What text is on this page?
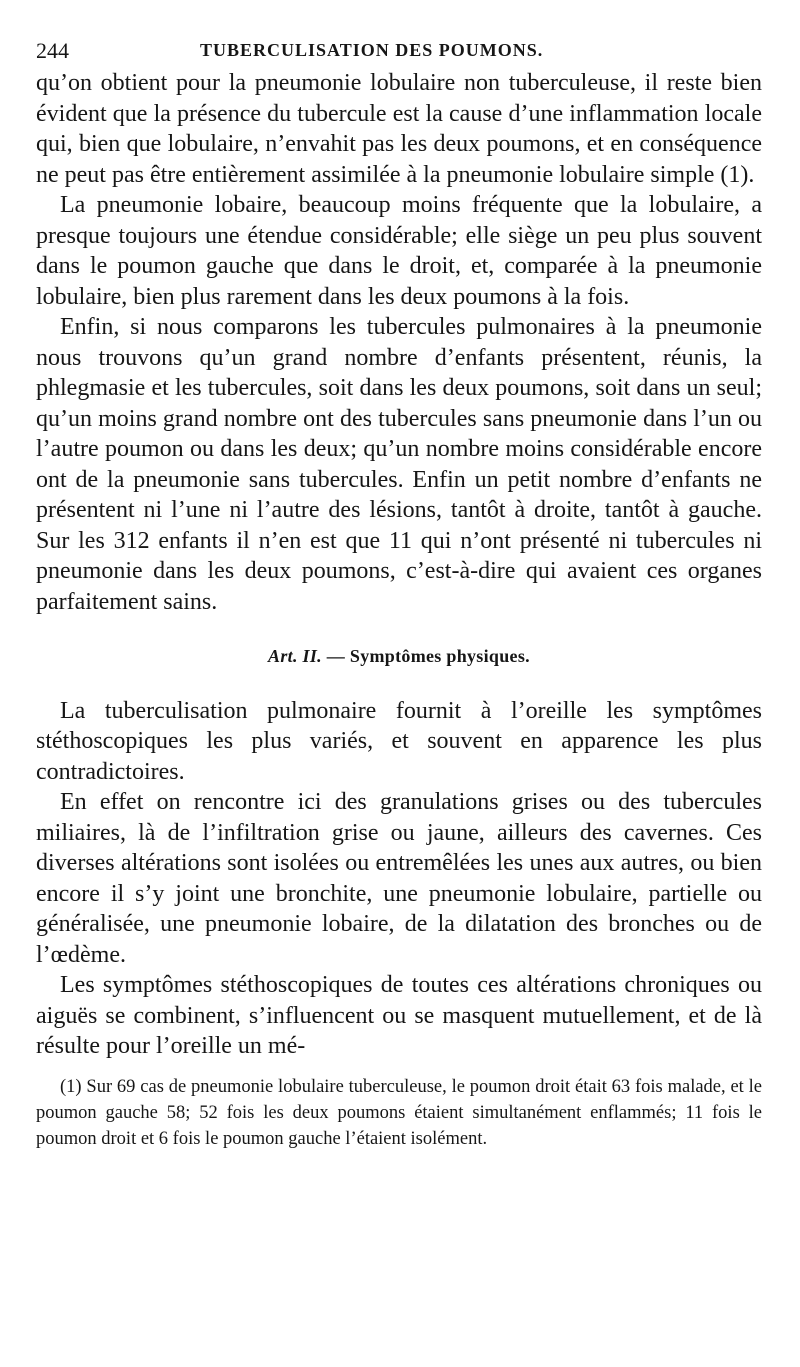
244	TUBERCULISATION DES POUMONS.

qu’on obtient pour la pneumonie lobulaire non tuberculeuse, il reste bien évident que la présence du tubercule est la cause d’une inflammation locale qui, bien que lobulaire, n’envahit pas les deux poumons, et en conséquence ne peut pas être entièrement assimilée à la pneumonie lobulaire simple (1).

La pneumonie lobaire, beaucoup moins fréquente que la lobulaire, a presque toujours une étendue considérable; elle siège un peu plus souvent dans le poumon gauche que dans le droit, et, comparée à la pneumonie lobulaire, bien plus rarement dans les deux poumons à la fois.

Enfin, si nous comparons les tubercules pulmonaires à la pneumonie nous trouvons qu’un grand nombre d’enfants présentent, réunis, la phlegmasie et les tubercules, soit dans les deux poumons, soit dans un seul; qu’un moins grand nombre ont des tubercules sans pneumonie dans l’un ou l’autre poumon ou dans les deux; qu’un nombre moins considérable encore ont de la pneumonie sans tubercules. Enfin un petit nombre d’enfants ne présentent ni l’une ni l’autre des lésions, tantôt à droite, tantôt à gauche. Sur les 312 enfants il n’en est que 11 qui n’ont présenté ni tubercules ni pneumonie dans les deux poumons, c’est-à-dire qui avaient ces organes parfaitement sains.

Art. II. — Symptômes physiques.

La tuberculisation pulmonaire fournit à l’oreille les symptômes stéthoscopiques les plus variés, et souvent en apparence les plus contradictoires.

En effet on rencontre ici des granulations grises ou des tubercules miliaires, là de l’infiltration grise ou jaune, ailleurs des cavernes. Ces diverses altérations sont isolées ou entremêlées les unes aux autres, ou bien encore il s’y joint une bronchite, une pneumonie lobulaire, partielle ou généralisée, une pneumonie lobaire, de la dilatation des bronches ou de l’œdème.

Les symptômes stéthoscopiques de toutes ces altérations chroniques ou aiguës se combinent, s’influencent ou se masquent mutuellement, et de là résulte pour l’oreille un mé-

(1) Sur 69 cas de pneumonie lobulaire tuberculeuse, le poumon droit était 63 fois malade, et le poumon gauche 58; 52 fois les deux poumons étaient simultanément enflammés; 11 fois le poumon droit et 6 fois le poumon gauche l’étaient isolément.
